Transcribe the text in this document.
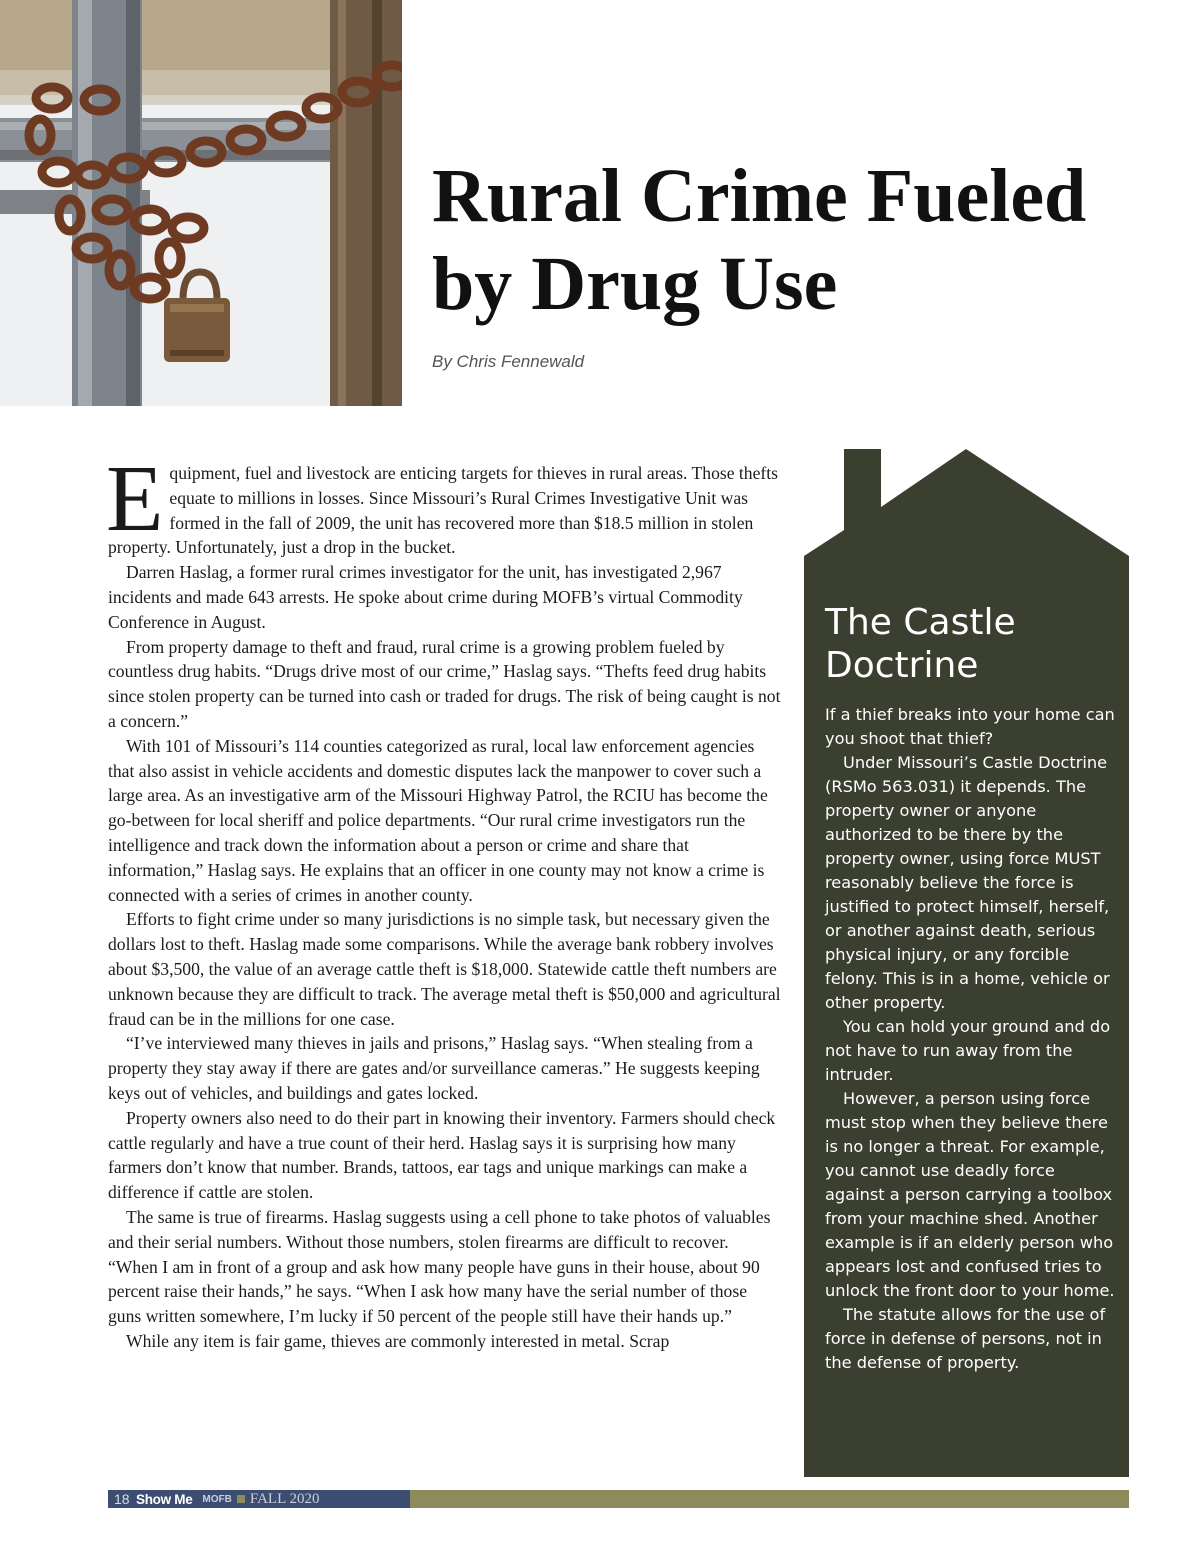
Rural Crime Fueled by Drug Use
By Chris Fennewald

Equipment, fuel and livestock are enticing targets for thieves in rural areas. Those thefts equate to millions in losses. Since Missouri’s Rural Crimes Investigative Unit was formed in the fall of 2009, the unit has recovered more than $18.5 million in stolen property. Unfortunately, just a drop in the bucket.

Darren Haslag, a former rural crimes investigator for the unit, has investigated 2,967 incidents and made 643 arrests. He spoke about crime during MOFB’s virtual Commodity Conference in August.

From property damage to theft and fraud, rural crime is a growing problem fueled by countless drug habits. “Drugs drive most of our crime,” Haslag says. “Thefts feed drug habits since stolen property can be turned into cash or traded for drugs. The risk of being caught is not a concern.”

With 101 of Missouri’s 114 counties categorized as rural, local law enforcement agencies that also assist in vehicle accidents and domestic disputes lack the manpower to cover such a large area. As an investigative arm of the Missouri Highway Patrol, the RCIU has become the go-between for local sheriff and police departments. “Our rural crime investigators run the intelligence and track down the information about a person or crime and share that information,” Haslag says. He explains that an officer in one county may not know a crime is connected with a series of crimes in another county.

Efforts to fight crime under so many jurisdictions is no simple task, but necessary given the dollars lost to theft. Haslag made some comparisons. While the average bank robbery involves about $3,500, the value of an average cattle theft is $18,000. Statewide cattle theft numbers are unknown because they are difficult to track. The average metal theft is $50,000 and agricultural fraud can be in the millions for one case.

“I’ve interviewed many thieves in jails and prisons,” Haslag says. “When stealing from a property they stay away if there are gates and/or surveillance cameras.” He suggests keeping keys out of vehicles, and buildings and gates locked.

Property owners also need to do their part in knowing their inventory. Farmers should check cattle regularly and have a true count of their herd. Haslag says it is surprising how many farmers don’t know that number. Brands, tattoos, ear tags and unique markings can make a difference if cattle are stolen.

The same is true of firearms. Haslag suggests using a cell phone to take photos of valuables and their serial numbers. Without those numbers, stolen firearms are difficult to recover. “When I am in front of a group and ask how many people have guns in their house, about 90 percent raise their hands,” he says. “When I ask how many have the serial number of those guns written somewhere, I’m lucky if 50 percent of the people still have their hands up.”

While any item is fair game, thieves are commonly interested in metal. Scrap

The Castle Doctrine

If a thief breaks into your home can you shoot that thief?

Under Missouri’s Castle Doctrine (RSMo 563.031) it depends. The property owner or anyone authorized to be there by the property owner, using force MUST reasonably believe the force is justified to protect himself, herself, or another against death, serious physical injury, or any forcible felony. This is in a home, vehicle or other property.

You can hold your ground and do not have to run away from the intruder.

However, a person using force must stop when they believe there is no longer a threat. For example, you cannot use deadly force against a person carrying a toolbox from your machine shed. Another example is if an elderly person who appears lost and confused tries to unlock the front door to your home.

The statute allows for the use of force in defense of persons, not in the defense of property.

18 Show Me MOFB FALL 2020
